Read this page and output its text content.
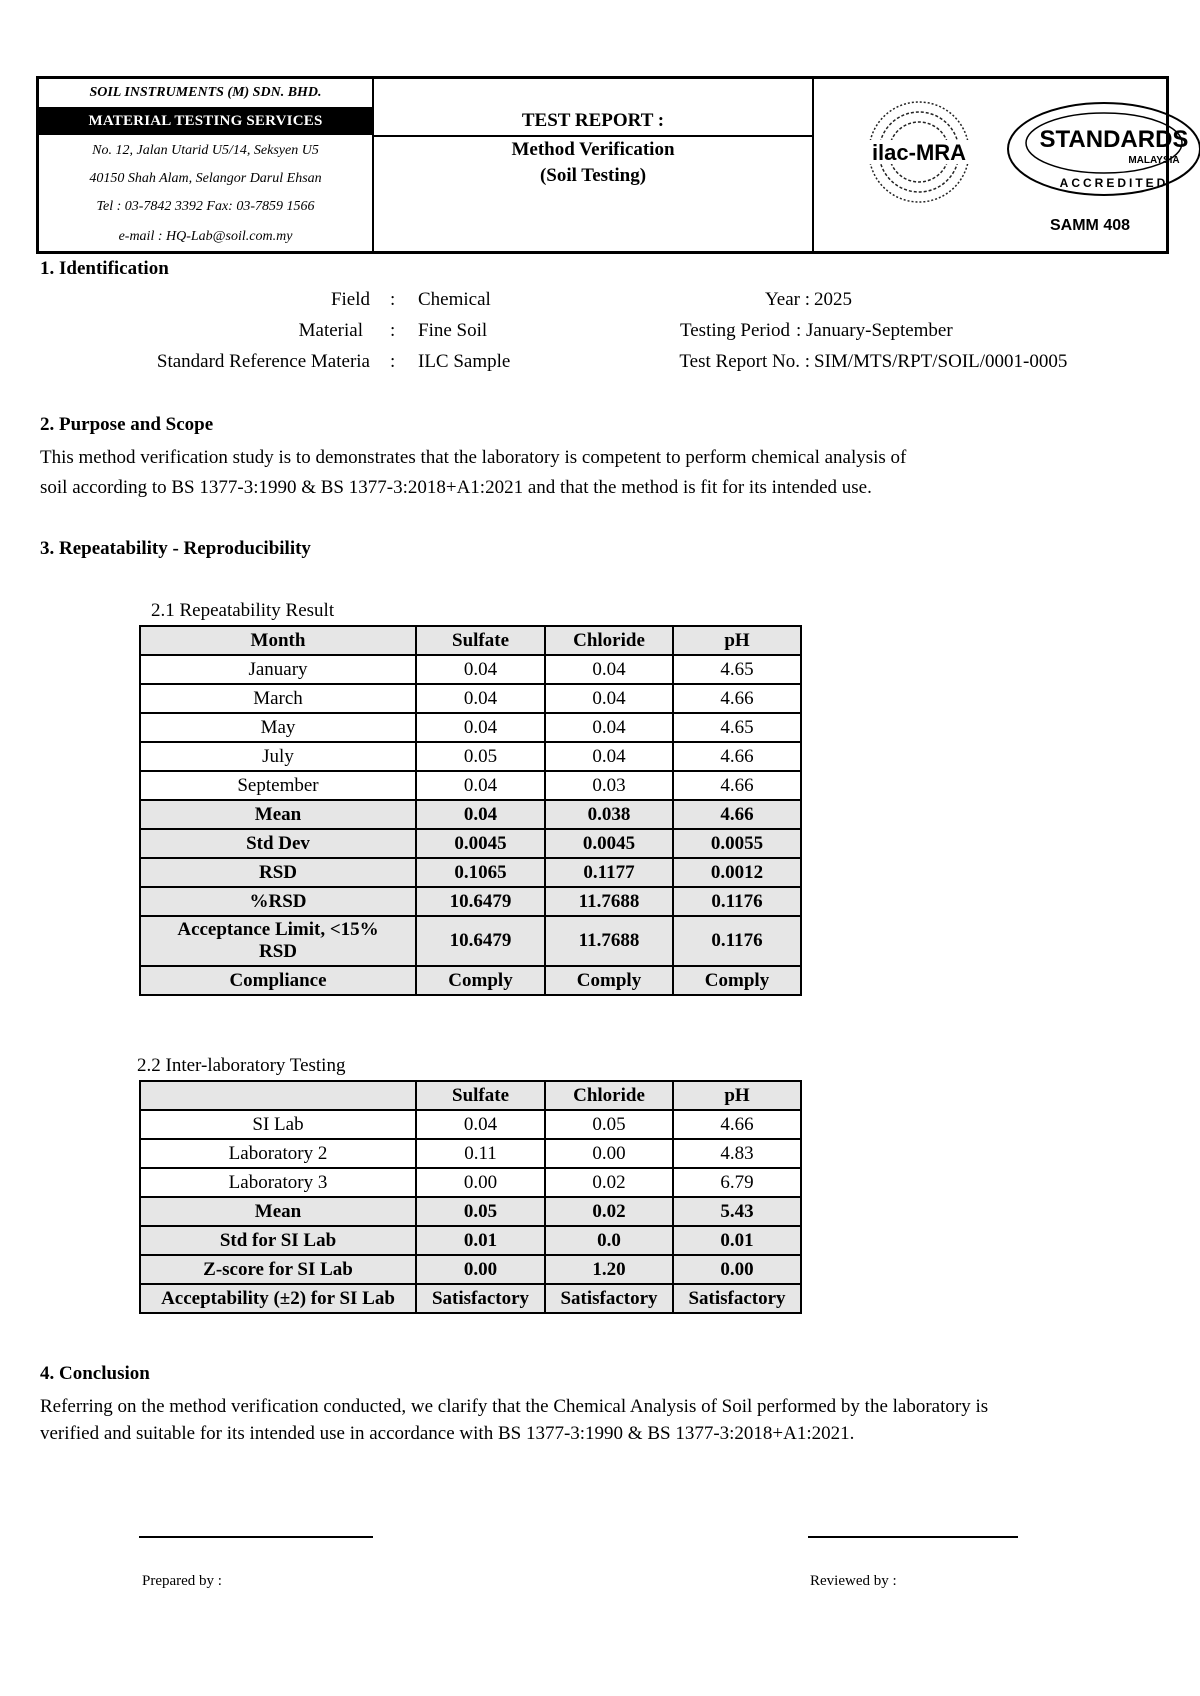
SOIL INSTRUMENTS (M) SDN. BHD.
MATERIAL TESTING SERVICES
No. 12, Jalan Utarid U5/14, Seksyen U5
40150 Shah Alam, Selangor Darul Ehsan
Tel : 03-7842 3392 Fax: 03-7859 1566
e-mail : HQ-Lab@soil.com.my
TEST REPORT :
Method Verification
(Soil Testing)
ilac-MRA	STANDARDS
MALAYSIA
ACCREDITED
SAMM 408
1. Identification
Field : Chemical
Material : Fine Soil
Standard Reference Materia : ILC Sample
Year : 2025
Testing Period : January-September
Test Report No. : SIM/MTS/RPT/SOIL/0001-0005
2. Purpose and Scope
This method verification study is to demonstrates that the laboratory is competent to perform chemical analysis of
soil according to BS 1377-3:1990 & BS 1377-3:2018+A1:2021 and that the method is fit for its intended use.
3. Repeatability - Reproducibility
2.1 Repeatability Result
Month	Sulfate	Chloride	pH
January	0.04	0.04	4.65
March	0.04	0.04	4.66
May	0.04	0.04	4.65
July	0.05	0.04	4.66
September	0.04	0.03	4.66
Mean	0.04	0.038	4.66
Std Dev	0.0045	0.0045	0.0055
RSD	0.1065	0.1177	0.0012
%RSD	10.6479	11.7688	0.1176
Acceptance Limit, <15% RSD	10.6479	11.7688	0.1176
Compliance	Comply	Comply	Comply
2.2 Inter-laboratory Testing
	Sulfate	Chloride	pH
SI Lab	0.04	0.05	4.66
Laboratory 2	0.11	0.00	4.83
Laboratory 3	0.00	0.02	6.79
Mean	0.05	0.02	5.43
Std for SI Lab	0.01	0.0	0.01
Z-score for SI Lab	0.00	1.20	0.00
Acceptability (±2) for SI Lab	Satisfactory	Satisfactory	Satisfactory
4. Conclusion
Referring on the method verification conducted, we clarify that the Chemical Analysis of Soil performed by the laboratory is
verified and suitable for its intended use in accordance with BS 1377-3:1990 & BS 1377-3:2018+A1:2021.
Prepared by :	Reviewed by :
